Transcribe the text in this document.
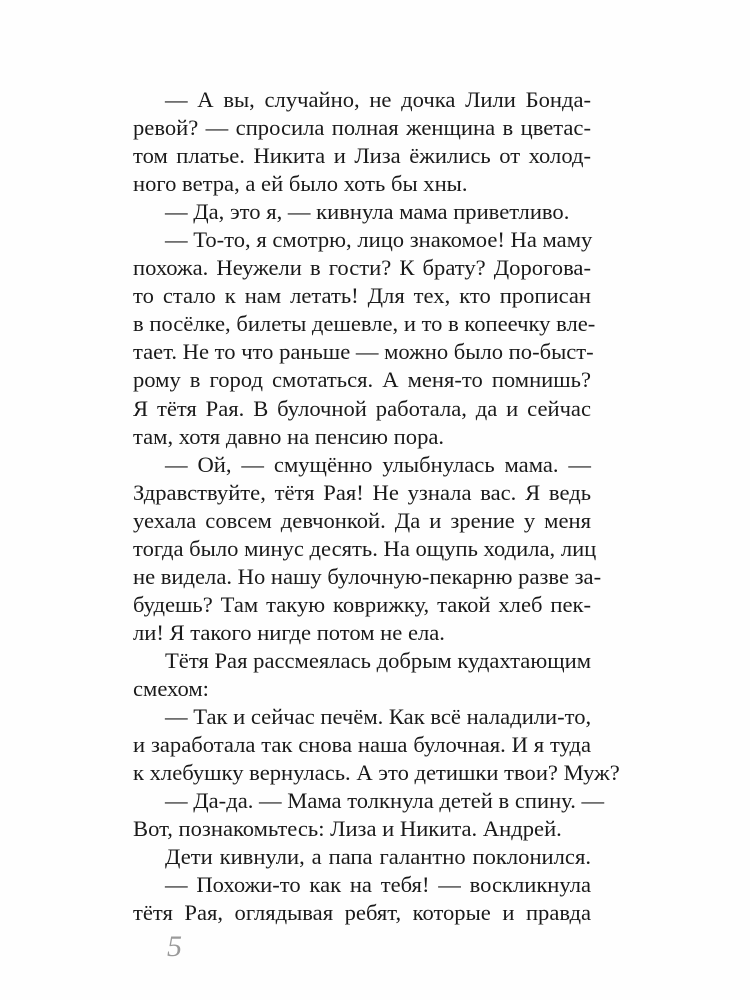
— А вы, случайно, не дочка Лили Бонда-
ревой? — спросила полная женщина в цветас-
том платье. Никита и Лиза ёжились от холод-
ного ветра, а ей было хоть бы хны.
— Да, это я, — кивнула мама приветливо.
— То-то, я смотрю, лицо знакомое! На маму
похожа. Неужели в гости? К брату? Дорогова-
то стало к нам летать! Для тех, кто прописан
в посёлке, билеты дешевле, и то в копеечку вле-
тает. Не то что раньше — можно было по-быст-
рому в город смотаться. А меня-то помнишь?
Я тётя Рая. В булочной работала, да и сейчас
там, хотя давно на пенсию пора.
— Ой, — смущённо улыбнулась мама. —
Здравствуйте, тётя Рая! Не узнала вас. Я ведь
уехала совсем девчонкой. Да и зрение у меня
тогда было минус десять. На ощупь ходила, лиц
не видела. Но нашу булочную-пекарню разве за-
будешь? Там такую коврижку, такой хлеб пек-
ли! Я такого нигде потом не ела.
Тётя Рая рассмеялась добрым кудахтающим
смехом:
— Так и сейчас печём. Как всё наладили-то,
и заработала так снова наша булочная. И я туда
к хлебушку вернулась. А это детишки твои? Муж?
— Да-да. — Мама толкнула детей в спину. —
Вот, познакомьтесь: Лиза и Никита. Андрей.
Дети кивнули, а папа галантно поклонился.
— Похожи-то как на тебя! — воскликнула
тётя Рая, оглядывая ребят, которые и правда
5
